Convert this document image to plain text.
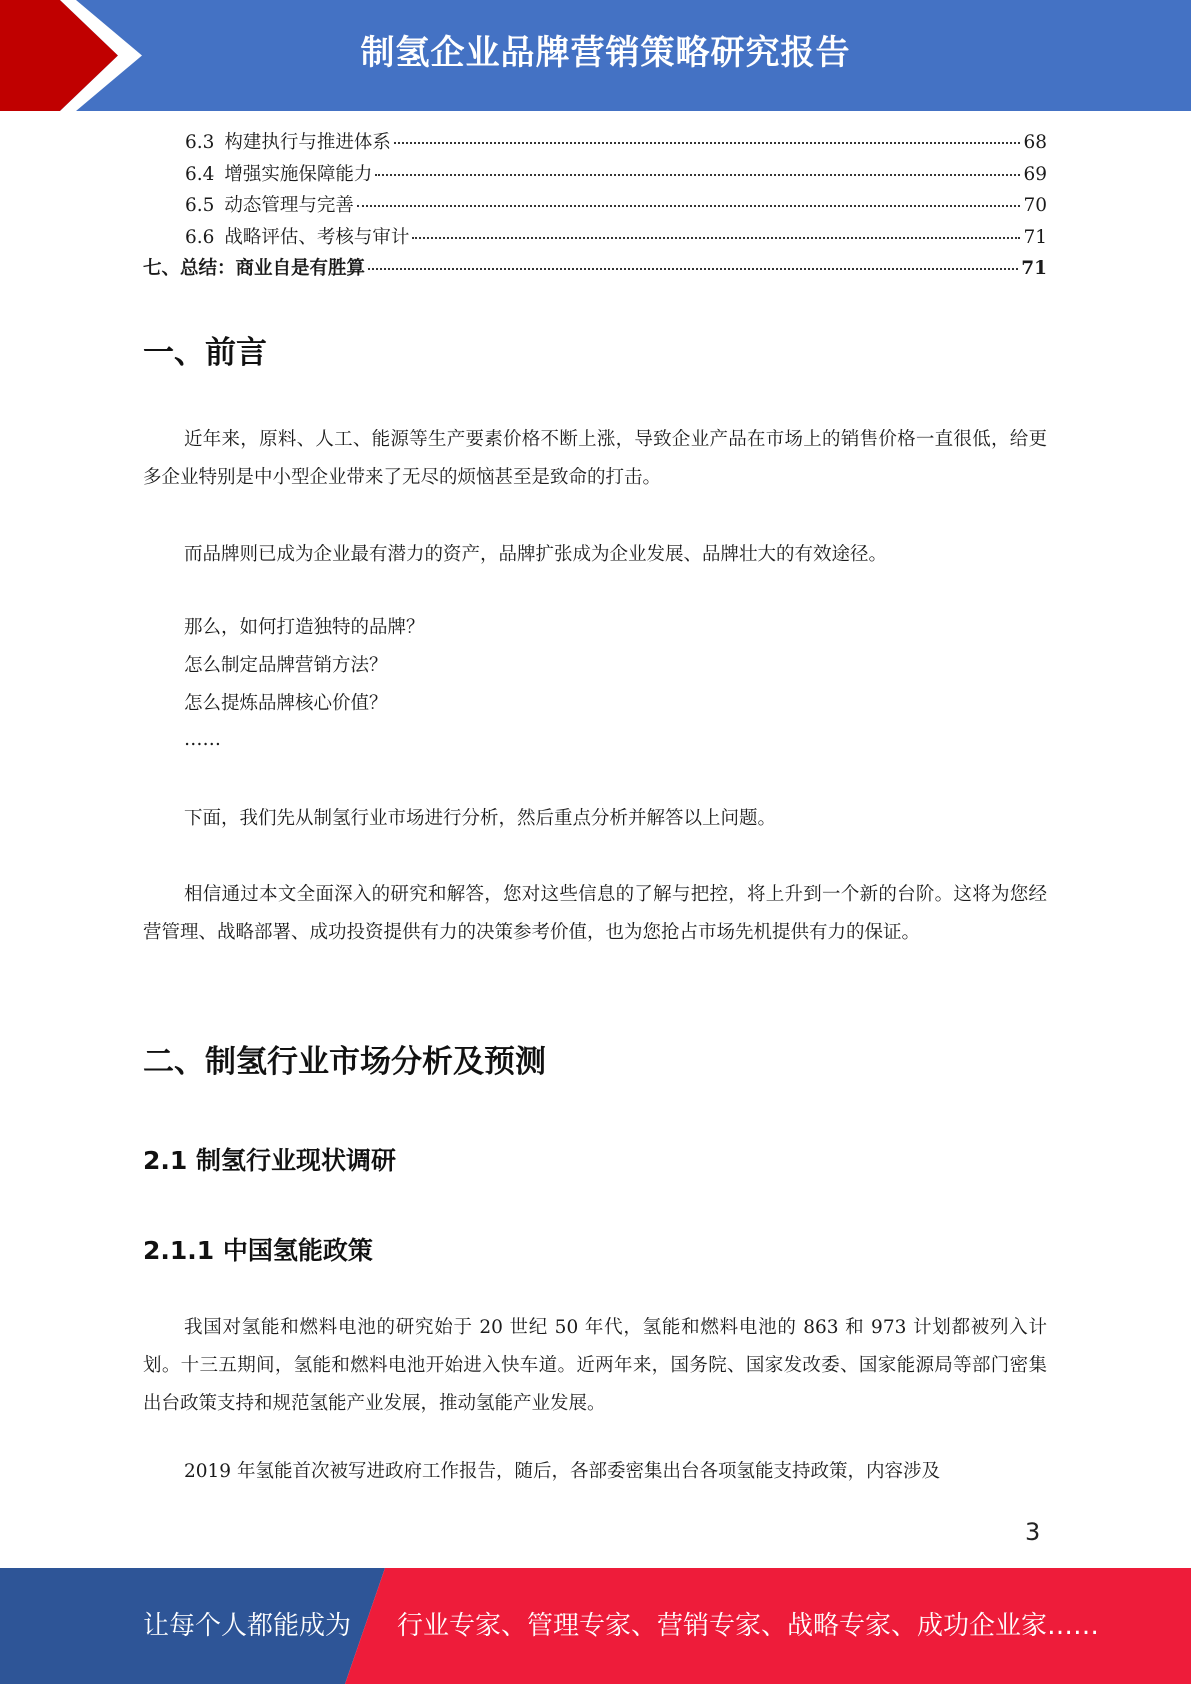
制氢企业品牌营销策略研究报告
6.3 构建执行与推进体系	68
6.4 增强实施保障能力	69
6.5 动态管理与完善	70
6.6 战略评估、考核与审计	71
七、总结：商业自是有胜算	71
一、前言

近年来，原料、人工、能源等生产要素价格不断上涨，导致企业产品在市场上的销售价格一直很低，给更多企业特别是中小型企业带来了无尽的烦恼甚至是致命的打击。

而品牌则已成为企业最有潜力的资产，品牌扩张成为企业发展、品牌壮大的有效途径。

那么，如何打造独特的品牌？
怎么制定品牌营销方法？
怎么提炼品牌核心价值？
……

下面，我们先从制氢行业市场进行分析，然后重点分析并解答以上问题。

相信通过本文全面深入的研究和解答，您对这些信息的了解与把控，将上升到一个新的台阶。这将为您经营管理、战略部署、成功投资提供有力的决策参考价值，也为您抢占市场先机提供有力的保证。

二、制氢行业市场分析及预测
2.1 制氢行业现状调研
2.1.1 中国氢能政策

我国对氢能和燃料电池的研究始于 20 世纪 50 年代，氢能和燃料电池的 863 和 973 计划都被列入计划。十三五期间，氢能和燃料电池开始进入快车道。近两年来，国务院、国家发改委、国家能源局等部门密集出台政策支持和规范氢能产业发展，推动氢能产业发展。

2019 年氢能首次被写进政府工作报告，随后，各部委密集出台各项氢能支持政策，内容涉及

3
让每个人都能成为 行业专家、管理专家、营销专家、战略专家、成功企业家……
